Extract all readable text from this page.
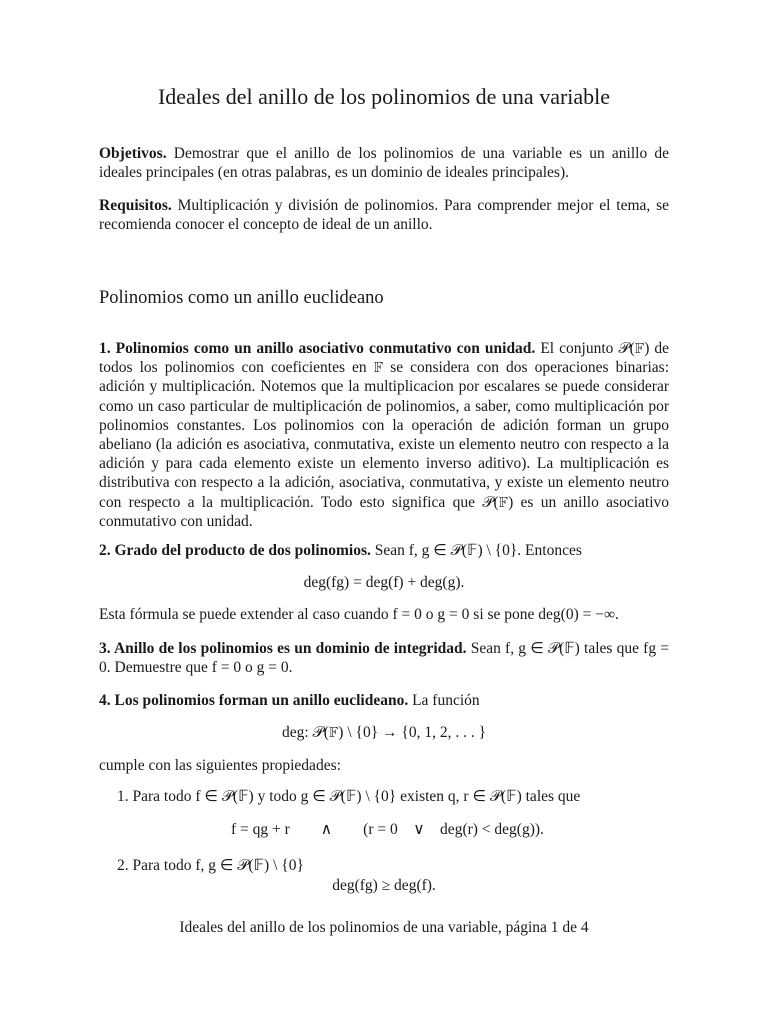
Ideales del anillo de los polinomios de una variable

Objetivos. Demostrar que el anillo de los polinomios de una variable es un anillo de ideales principales (en otras palabras, es un dominio de ideales principales).

Requisitos. Multiplicación y división de polinomios. Para comprender mejor el tema, se recomienda conocer el concepto de ideal de un anillo.

Polinomios como un anillo euclideano

1. Polinomios como un anillo asociativo conmutativo con unidad. El conjunto 𝒫(𝔽) de todos los polinomios con coeficientes en 𝔽 se considera con dos operaciones binarias: adición y multiplicación. Notemos que la multiplicacion por escalares se puede considerar como un caso particular de multiplicación de polinomios, a saber, como multiplicación por polinomios constantes. Los polinomios con la operación de adición forman un grupo abeliano (la adición es asociativa, conmutativa, existe un elemento neutro con respecto a la adición y para cada elemento existe un elemento inverso aditivo). La multiplicación es distributiva con respecto a la adición, asociativa, conmutativa, y existe un elemento neutro con respecto a la multiplicación. Todo esto significa que 𝒫(𝔽) es un anillo asociativo conmutativo con unidad.

2. Grado del producto de dos polinomios. Sean f, g ∈ 𝒫(𝔽) \ {0}. Entonces

deg(fg) = deg(f) + deg(g).
Esta fórmula se puede extender al caso cuando f = 0 o g = 0 si se pone deg(0) = −∞.

3. Anillo de los polinomios es un dominio de integridad. Sean f, g ∈ 𝒫(𝔽) tales que fg = 0. Demuestre que f = 0 o g = 0.

4. Los polinomios forman un anillo euclideano. La función

deg: 𝒫(𝔽) \ {0} → {0, 1, 2, . . . }
cumple con las siguientes propiedades:
1. Para todo f ∈ 𝒫(𝔽) y todo g ∈ 𝒫(𝔽) \ {0} existen q, r ∈ 𝒫(𝔽) tales que
f = qg + r        ∧        (r = 0    ∨    deg(r) < deg(g)).
2. Para todo f, g ∈ 𝒫(𝔽) \ {0}
deg(fg) ≥ deg(f).
Ideales del anillo de los polinomios de una variable, página 1 de 4
